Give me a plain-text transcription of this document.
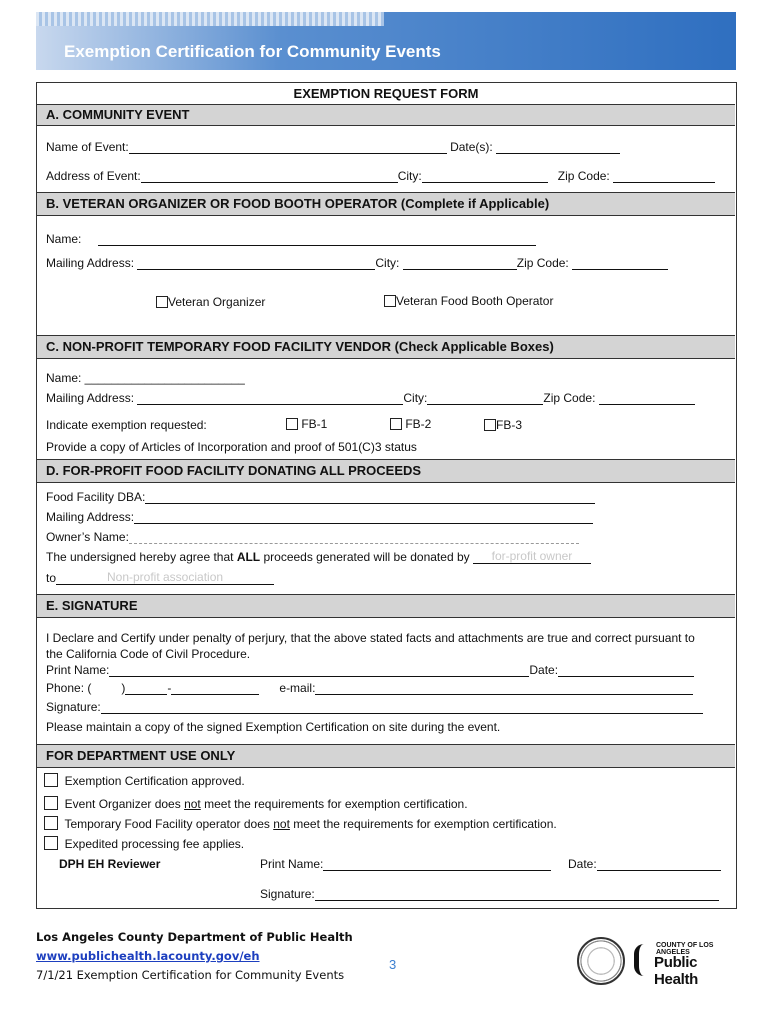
Exemption Certification for Community Events
EXEMPTION REQUEST FORM
A. COMMUNITY EVENT
Name of Event:	Date(s):
Address of Event:	City:	Zip Code:
B. VETERAN ORGANIZER OR FOOD BOOTH OPERATOR (Complete if Applicable)
Name:
Mailing Address:	City:	Zip Code:
Veteran Organizer	Veteran Food Booth Operator
C. NON-PROFIT TEMPORARY FOOD FACILITY VENDOR (Check Applicable Boxes)
Name: ________________________
Mailing Address:	City:	Zip Code:
Indicate exemption requested:	FB-1	FB-2	FB-3
Provide a copy of Articles of Incorporation and proof of 501(C)3 status
D. FOR-PROFIT FOOD FACILITY DONATING ALL PROCEEDS
Food Facility DBA:
Mailing Address:
Owner’s Name:
The undersigned hereby agree that ALL proceeds generated will be donated by for-profit owner
to	Non-profit association
E. SIGNATURE
I Declare and Certify under penalty of perjury, that the above stated facts and attachments are true and correct pursuant to
the California Code of Civil Procedure.
Print Name:	Date:
Phone: (	)	-	e-mail:
Signature:
Please maintain a copy of the signed Exemption Certification on site during the event.
FOR DEPARTMENT USE ONLY
Exemption Certification approved.
Event Organizer does not meet the requirements for exemption certification.
Temporary Food Facility operator does not meet the requirements for exemption certification.
Expedited processing fee applies.
DPH EH Reviewer	Print Name:	Date:
Signature:
Los Angeles County Department of Public Health
www.publichealth.lacounty.gov/eh
7/1/21 Exemption Certification for Community Events
3
COUNTY OF LOS ANGELES
Public Health
